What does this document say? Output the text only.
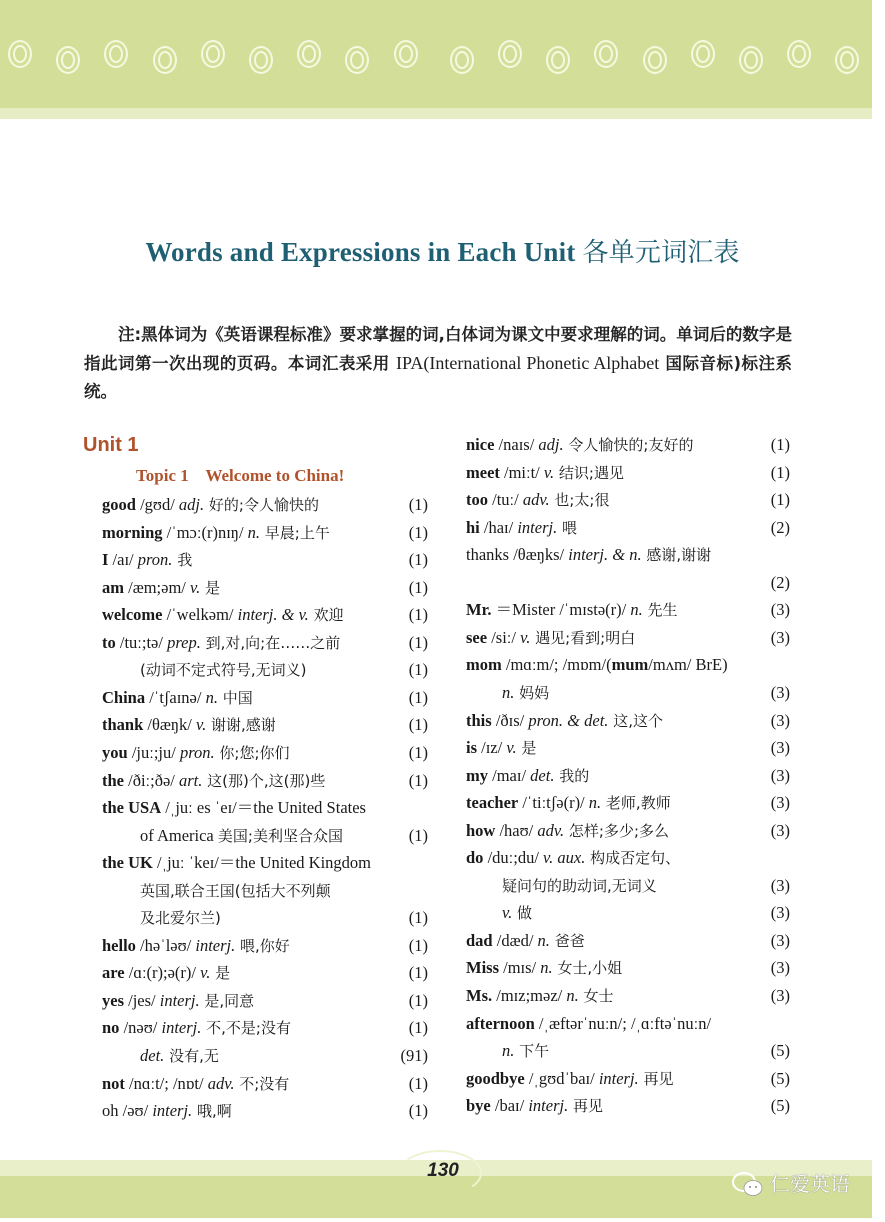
Words and Expressions in Each Unit 各单元词汇表
注:黑体词为《英语课程标准》要求掌握的词,白体词为课文中要求理解的词。单词后的数字是指此词第一次出现的页码。本词汇表采用 IPA(International Phonetic Alphabet 国际音标)标注系统。
Unit 1
Topic 1    Welcome to China!
good /gʊd/ adj. 好的;令人愉快的	(1)
morning /ˈmɔː(r)nɪŋ/ n. 早晨;上午	(1)
I /aɪ/ pron. 我	(1)
am /æm;əm/ v. 是	(1)
welcome /ˈwelkəm/ interj. & v. 欢迎	(1)
to /tuː;tə/ prep. 到,对,向;在……之前	(1)
(动词不定式符号,无词义)	(1)
China /ˈtʃaɪnə/ n. 中国	(1)
thank /θæŋk/ v. 谢谢,感谢	(1)
you /juː;ju/ pron. 你;您;你们	(1)
the /ðiː;ðə/ art. 这(那)个,这(那)些	(1)
the USA /ˌjuː es ˈeɪ/＝the United States
of America 美国;美利坚合众国	(1)
the UK /ˌjuː ˈkeɪ/＝the United Kingdom
英国,联合王国(包括大不列颠
及北爱尔兰)	(1)
hello /həˈləʊ/ interj. 喂,你好	(1)
are /ɑː(r);ə(r)/ v. 是	(1)
yes /jes/ interj. 是,同意	(1)
no /nəʊ/ interj. 不,不是;没有	(1)
det. 没有,无	(91)
not /nɑːt/; /nɒt/ adv. 不;没有	(1)
oh /əʊ/ interj. 哦,啊	(1)
nice /naɪs/ adj. 令人愉快的;友好的	(1)
meet /miːt/ v. 结识;遇见	(1)
too /tuː/ adv. 也;太;很	(1)
hi /haɪ/ interj. 喂	(2)
thanks /θæŋks/ interj. & n. 感谢,谢谢
(2)
Mr. ＝Mister /ˈmɪstə(r)/ n. 先生	(3)
see /siː/ v. 遇见;看到;明白	(3)
mom /mɑːm/; /mɒm/(mum/mʌm/ BrE)
n. 妈妈	(3)
this /ðɪs/ pron. & det. 这,这个	(3)
is /ɪz/ v. 是	(3)
my /maɪ/ det. 我的	(3)
teacher /ˈtiːtʃə(r)/ n. 老师,教师	(3)
how /haʊ/ adv. 怎样;多少;多么	(3)
do /duː;du/ v. aux. 构成否定句、
疑问句的助动词,无词义	(3)
v. 做	(3)
dad /dæd/ n. 爸爸	(3)
Miss /mɪs/ n. 女士,小姐	(3)
Ms. /mɪz;məz/ n. 女士	(3)
afternoon /ˌæftərˈnuːn/; /ˌɑːftəˈnuːn/
n. 下午	(5)
goodbye /ˌgʊdˈbaɪ/ interj. 再见	(5)
bye /baɪ/ interj. 再见	(5)
130
仁爱英语
